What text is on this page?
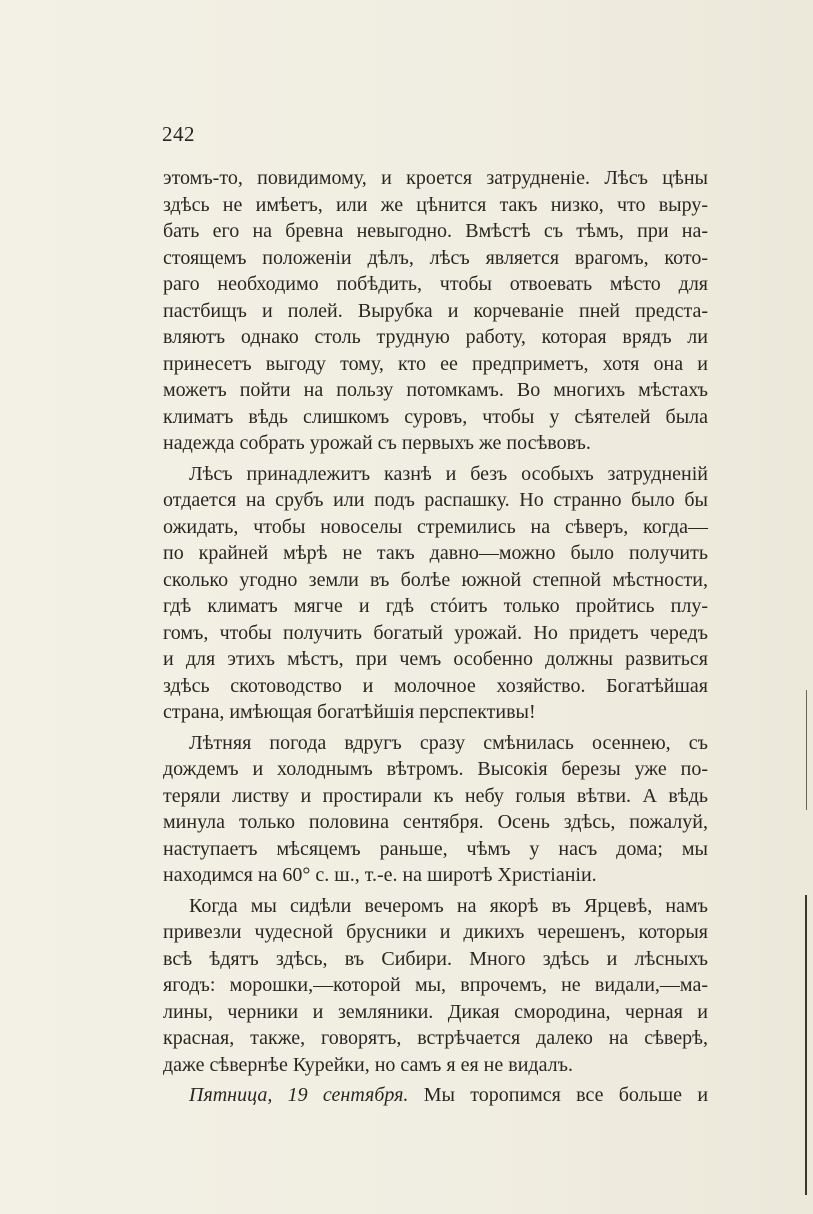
242
этомъ-то, повидимому, и кроется затрудненіе. Лѣсъ цѣны
здѣсь не имѣетъ, или же цѣнится такъ низко, что выру-
бать его на бревна невыгодно. Вмѣстѣ съ тѣмъ, при на-
стоящемъ положеніи дѣлъ, лѣсъ является врагомъ, кото-
раго необходимо побѣдить, чтобы отвоевать мѣсто для
пастбищъ и полей. Вырубка и корчеваніе пней предста-
вляютъ однако столь трудную работу, которая врядъ ли
принесетъ выгоду тому, кто ее предприметъ, хотя она и
можетъ пойти на пользу потомкамъ. Во многихъ мѣстахъ
климатъ вѣдь слишкомъ суровъ, чтобы у сѣятелей была
надежда собрать урожай съ первыхъ же посѣвовъ.
Лѣсъ принадлежитъ казнѣ и безъ особыхъ затрудненій
отдается на срубъ или подъ распашку. Но странно было бы
ожидать, чтобы новоселы стремились на сѣверъ, когда—
по крайней мѣрѣ не такъ давно—можно было получить
сколько угодно земли въ болѣе южной степной мѣстности,
гдѣ климатъ мягче и гдѣ стóитъ только пройтись плу-
гомъ, чтобы получить богатый урожай. Но придетъ чередъ
и для этихъ мѣстъ, при чемъ особенно должны развиться
здѣсь скотоводство и молочное хозяйство. Богатѣйшая
страна, имѣющая богатѣйшія перспективы!
Лѣтняя погода вдругъ сразу смѣнилась осеннею, съ
дождемъ и холоднымъ вѣтромъ. Высокія березы уже по-
теряли листву и простирали къ небу голыя вѣтви. А вѣдь
минула только половина сентября. Осень здѣсь, пожалуй,
наступаетъ мѣсяцемъ раньше, чѣмъ у насъ дома; мы
находимся на 60° с. ш., т.-е. на широтѣ Христіаніи.
Когда мы сидѣли вечеромъ на якорѣ въ Ярцевѣ, намъ
привезли чудесной брусники и дикихъ черешенъ, которыя
всѣ ѣдятъ здѣсь, въ Сибири. Много здѣсь и лѣсныхъ
ягодъ: морошки,—которой мы, впрочемъ, не видали,—ма-
лины, черники и земляники. Дикая смородина, черная и
красная, также, говорятъ, встрѣчается далеко на сѣверѣ,
даже сѣвернѣе Курейки, но самъ я ея не видалъ.
Пятница, 19 сентября. Мы торопимся все больше и
